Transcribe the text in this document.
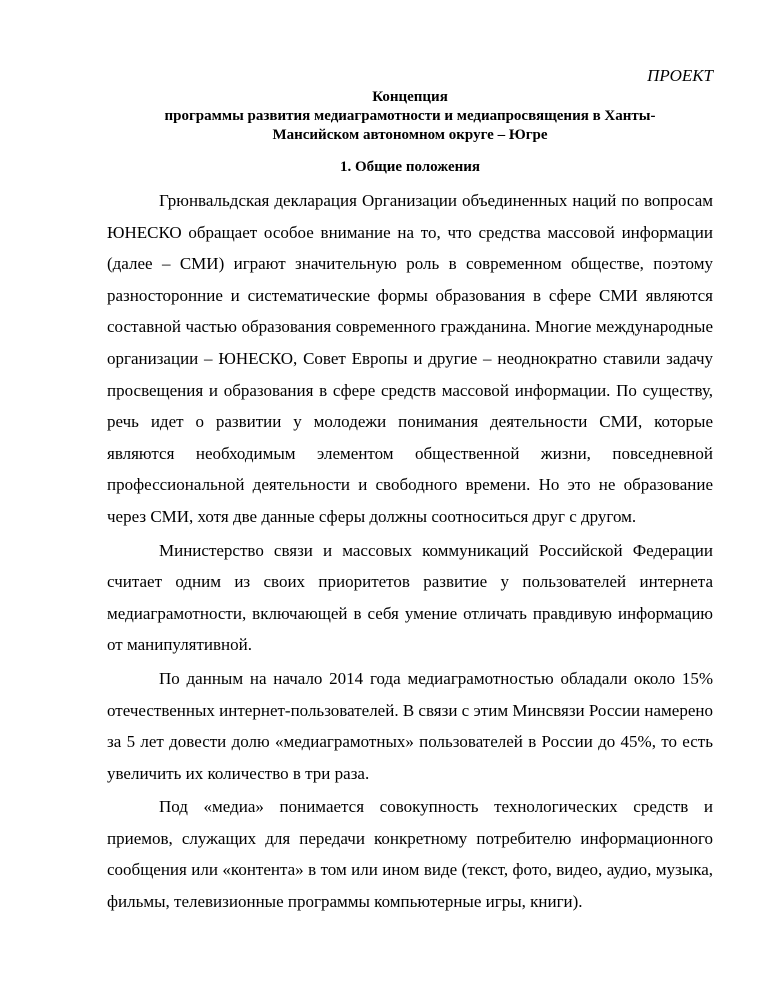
ПРОЕКТ

Концепция

программы развития медиаграмотности и медиапросвящения в Ханты-

Мансийском автономном округе – Югре

1. Общие положения

Грюнвальдская декларация Организации объединенных наций по вопросам ЮНЕСКО обращает особое внимание на то, что средства массовой информации (далее – СМИ) играют значительную роль в современном обществе, поэтому разносторонние и систематические формы образования в сфере СМИ являются составной частью образования современного гражданина. Многие международные организации – ЮНЕСКО, Совет Европы и другие – неоднократно ставили задачу просвещения и образования в сфере средств массовой информации. По существу, речь идет о развитии у молодежи понимания деятельности СМИ, которые являются необходимым элементом общественной жизни, повседневной профессиональной деятельности и свободного времени. Но это не образование через СМИ, хотя две данные сферы должны соотноситься друг с другом.

Министерство связи и массовых коммуникаций Российской Федерации считает одним из своих приоритетов развитие у пользователей интернета медиаграмотности, включающей в себя умение отличать правдивую информацию от манипулятивной.

По данным на начало 2014 года медиаграмотностью обладали около 15% отечественных интернет-пользователей. В связи с этим Минсвязи России намерено за 5 лет довести долю «медиаграмотных» пользователей в России до 45%, то есть увеличить их количество в три раза.

Под «медиа» понимается совокупность технологических средств и приемов, служащих для передачи конкретному потребителю информационного сообщения или «контента» в том или ином виде (текст, фото, видео, аудио, музыка, фильмы, телевизионные программы компьютерные игры, книги).
